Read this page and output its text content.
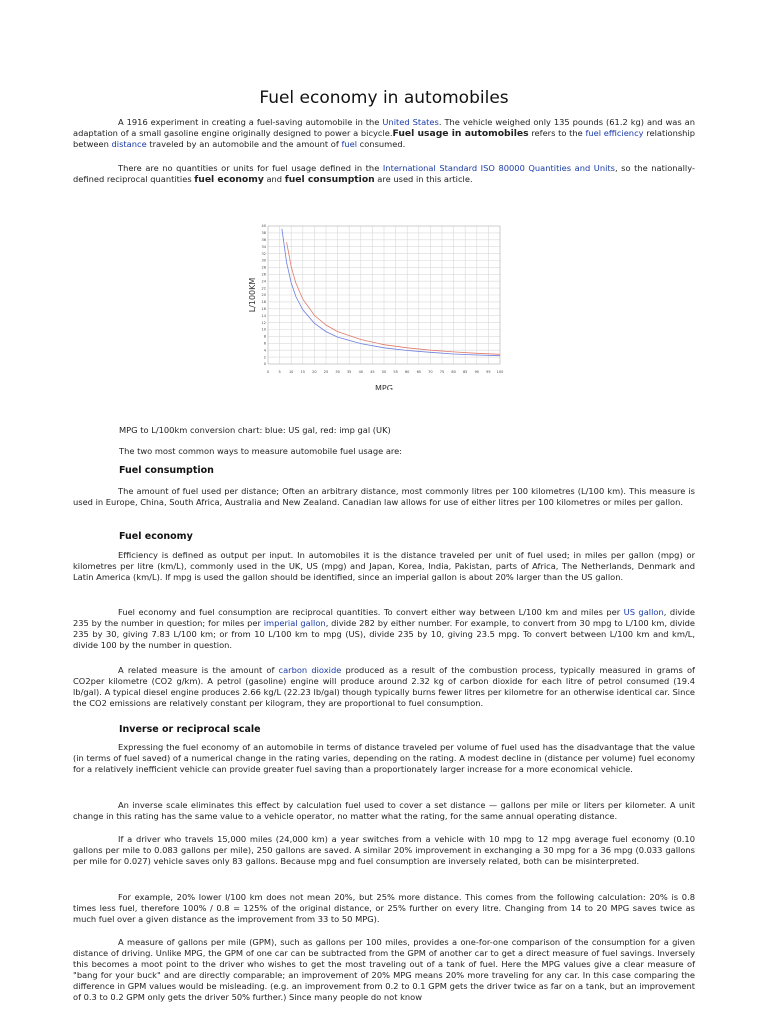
Fuel economy in automobiles

A 1916 experiment in creating a fuel-saving automobile in the United States. The vehicle weighed only 135 pounds (61.2 kg) and was an adaptation of a small gasoline engine originally designed to power a bicycle.Fuel usage in automobiles refers to the fuel efficiency relationship between distance traveled by an automobile and the amount of fuel consumed.

There are no quantities or units for fuel usage defined in the International Standard ISO 80000 Quantities and Units, so the nationally-defined reciprocal quantities fuel economy and fuel consumption are used in this article.

0	5 10 15 20 25 30 35 40 45 50 55 60 65 70 75 80 85 90 95 100
0
2
4
6
8
10
12
14
16
18
20
22
24
26
28
30
32
34
36
38
40
MPG
L/100KM
MPG to L/100km conversion chart: blue: US gal, red: imp gal (UK)
The two most common ways to measure automobile fuel usage are:
Fuel consumption

The amount of fuel used per distance; Often an arbitrary distance, most commonly litres per 100 kilometres (L/100 km). This measure is used in Europe, China, South Africa, Australia and New Zealand. Canadian law allows for use of either litres per 100 kilometres or miles per gallon.

Fuel economy

Efficiency is defined as output per input. In automobiles it is the distance traveled per unit of fuel used; in miles per gallon (mpg) or kilometres per litre (km/L), commonly used in the UK, US (mpg) and Japan, Korea, India, Pakistan, parts of Africa, The Netherlands, Denmark and Latin America (km/L). If mpg is used the gallon should be identified, since an imperial gallon is about 20% larger than the US gallon.

Fuel economy and fuel consumption are reciprocal quantities. To convert either way between L/100 km and miles per US gallon, divide 235 by the number in question; for miles per imperial gallon, divide 282 by either number. For example, to convert from 30 mpg to L/100 km, divide 235 by 30, giving 7.83 L/100 km; or from 10 L/100 km to mpg (US), divide 235 by 10, giving 23.5 mpg. To convert between L/100 km and km/L, divide 100 by the number in question.

A related measure is the amount of carbon dioxide produced as a result of the combustion process, typically measured in grams of CO2per kilometre (CO2 g/km). A petrol (gasoline) engine will produce around 2.32 kg of carbon dioxide for each litre of petrol consumed (19.4 lb/gal). A typical diesel engine produces 2.66 kg/L (22.23 lb/gal) though typically burns fewer litres per kilometre for an otherwise identical car. Since the CO2 emissions are relatively constant per kilogram, they are proportional to fuel consumption.

Inverse or reciprocal scale

Expressing the fuel economy of an automobile in terms of distance traveled per volume of fuel used has the disadvantage that the value (in terms of fuel saved) of a numerical change in the rating varies, depending on the rating. A modest decline in (distance per volume) fuel economy for a relatively inefficient vehicle can provide greater fuel saving than a proportionately larger increase for a more economical vehicle.

An inverse scale eliminates this effect by calculation fuel used to cover a set distance — gallons per mile or liters per kilometer. A unit change in this rating has the same value to a vehicle operator, no matter what the rating, for the same annual operating distance.

If a driver who travels 15,000 miles (24,000 km) a year switches from a vehicle with 10 mpg to 12 mpg average fuel economy (0.10 gallons per mile to 0.083 gallons per mile), 250 gallons are saved. A similar 20% improvement in exchanging a 30 mpg for a 36 mpg (0.033 gallons per mile for 0.027) vehicle saves only 83 gallons. Because mpg and fuel consumption are inversely related, both can be misinterpreted.

For example, 20% lower l/100 km does not mean 20%, but 25% more distance. This comes from the following calculation: 20% is 0.8 times less fuel, therefore 100% / 0.8 = 125% of the original distance, or 25% further on every litre. Changing from 14 to 20 MPG saves twice as much fuel over a given distance as the improvement from 33 to 50 MPG).

A measure of gallons per mile (GPM), such as gallons per 100 miles, provides a one-for-one comparison of the consumption for a given distance of driving. Unlike MPG, the GPM of one car can be subtracted from the GPM of another car to get a direct measure of fuel savings. Inversely this becomes a moot point to the driver who wishes to get the most traveling out of a tank of fuel. Here the MPG values give a clear measure of "bang for your buck" and are directly comparable; an improvement of 20% MPG means 20% more traveling for any car. In this case comparing the difference in GPM values would be misleading. (e.g. an improvement from 0.2 to 0.1 GPM gets the driver twice as far on a tank, but an improvement of 0.3 to 0.2 GPM only gets the driver 50% further.) Since many people do not know
